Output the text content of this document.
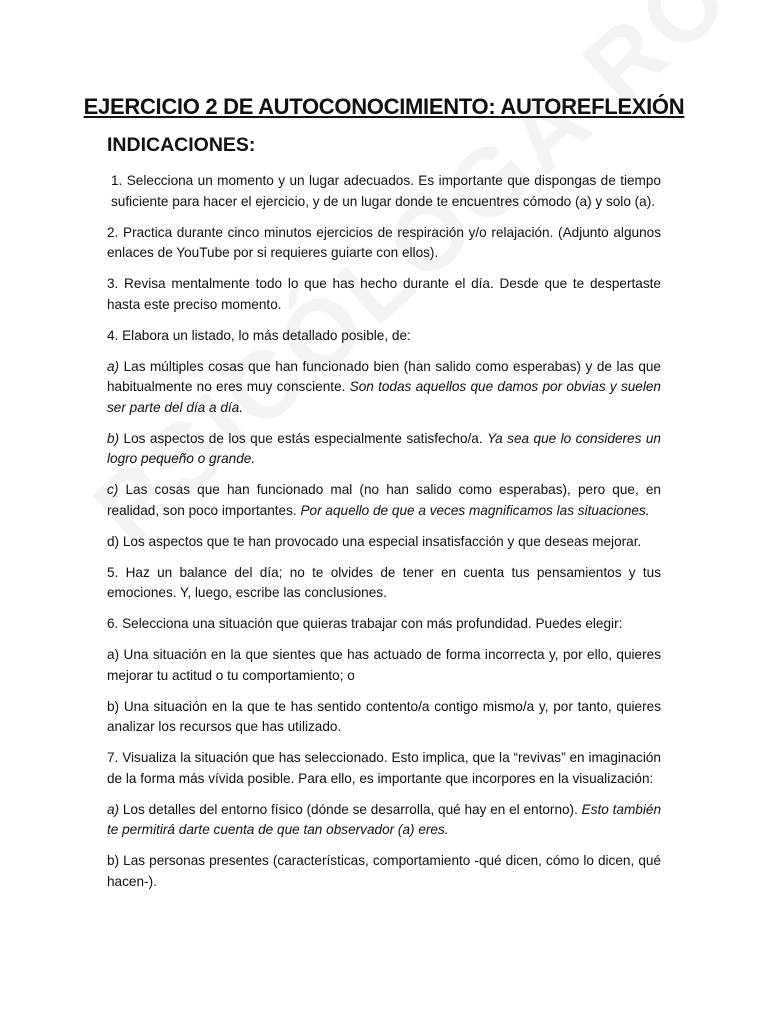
EJERCICIO 2 DE AUTOCONOCIMIENTO: AUTOREFLEXIÓN
INDICACIONES:

1. Selecciona un momento y un lugar adecuados. Es importante que dispongas de tiempo suficiente para hacer el ejercicio, y de un lugar donde te encuentres cómodo (a) y solo (a).

2. Practica durante cinco minutos ejercicios de respiración y/o relajación. (Adjunto algunos enlaces de YouTube por si requieres guiarte con ellos).

3. Revisa mentalmente todo lo que has hecho durante el día. Desde que te despertaste hasta este preciso momento.

4. Elabora un listado, lo más detallado posible, de:

a) Las múltiples cosas que han funcionado bien (han salido como esperabas) y de las que habitualmente no eres muy consciente. Son todas aquellos que damos por obvias y suelen ser parte del día a día.

b) Los aspectos de los que estás especialmente satisfecho/a. Ya sea que lo consideres un logro pequeño o grande.

c) Las cosas que han funcionado mal (no han salido como esperabas), pero que, en realidad, son poco importantes. Por aquello de que a veces magnificamos las situaciones.

d) Los aspectos que te han provocado una especial insatisfacción y que deseas mejorar.

5. Haz un balance del día; no te olvides de tener en cuenta tus pensamientos y tus emociones. Y, luego, escribe las conclusiones.

6. Selecciona una situación que quieras trabajar con más profundidad. Puedes elegir:

a) Una situación en la que sientes que has actuado de forma incorrecta y, por ello, quieres mejorar tu actitud o tu comportamiento; o

b) Una situación en la que te has sentido contento/a contigo mismo/a y, por tanto, quieres analizar los recursos que has utilizado.

7. Visualiza la situación que has seleccionado. Esto implica, que la “revivas” en imaginación de la forma más vívida posible. Para ello, es importante que incorpores en la visualización:

a) Los detalles del entorno físico (dónde se desarrolla, qué hay en el entorno). Esto también te permitirá darte cuenta de que tan observador (a) eres.

b) Las personas presentes (características, comportamiento -qué dicen, cómo lo dicen, qué hacen-).
